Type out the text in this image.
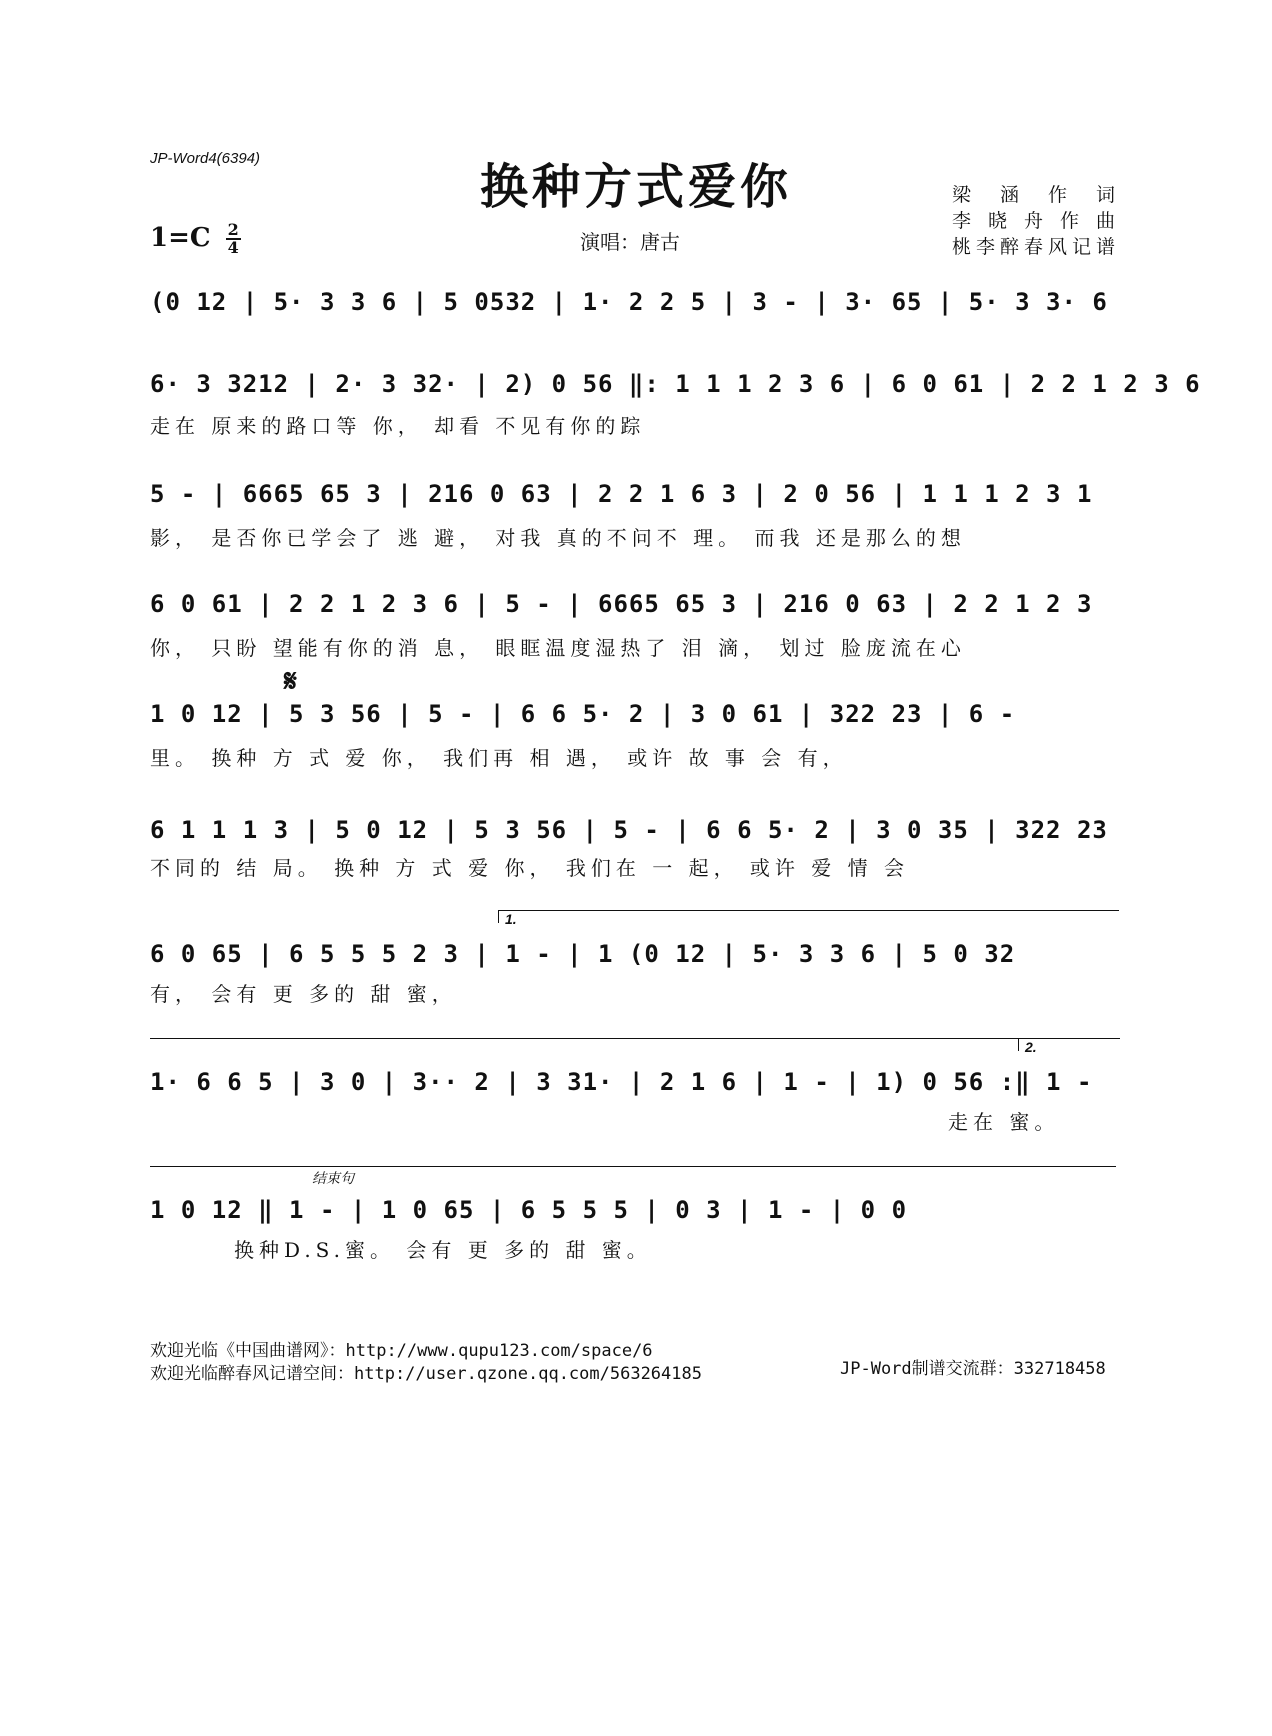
JP-Word4(6394)
换种方式爱你
$1=C \frac{2}{4}$	演唱：唐古
梁涵作词
李晓舟作曲
桃李醉春风记谱
(0 12 | 5· 3 3 6 | 5 0532 | 1· 2 2 5 | 3 - | 3· 65 | 5· 3 3· 6
6· 3 3212 | 2· 3 32· | 2) 0 56 ‖: 1 1 1 2 3 6 | 6 0 61 | 2 2 1 2 3 6
走在 原来的路口等 你， 却看 不见有你的踪
5 - | 6665 65 3 | 216 0 63 | 2 2 1 6 3 | 2 0 56 | 1 1 1 2 3 1
影， 是否你已学会了 逃 避， 对我 真的不问不 理。 而我 还是那么的想
6 0 61 | 2 2 1 2 3 6 | 5 - | 6665 65 3 | 216 0 63 | 2 2 1 2 3
你， 只盼 望能有你的消 息， 眼眶温度湿热了 泪 滴， 划过 脸庞流在心
𝄋
1 0 12 | 5 3 56 | 5 - | 6 6 5· 2 | 3 0 61 | 322 23 | 6 -
里。 换种 方 式 爱 你， 我们再 相 遇， 或许 故 事 会 有，
6 1 1 1 3 | 5 0 12 | 5 3 56 | 5 - | 6 6 5· 2 | 3 0 35 | 322 23
不同的 结 局。 换种 方 式 爱 你， 我们在 一 起， 或许 爱 情 会
1.
6 0 65 | 6 5 5 5 2 3 | 1 - | 1 (0 12 | 5· 3 3 6 | 5 0 32
有， 会有 更 多的 甜 蜜，
2.
1· 6 6 5 | 3 0 | 3·· 2 | 3 31· | 2 1 6 | 1 - | 1) 0 56 :‖ 1 -
走在 蜜。
结束句
1 0 12 ‖ 1 - | 1 0 65 | 6 5 5 5 | 0 3 | 1 - | 0 0
换种D.S.蜜。 会有 更 多的 甜 蜜。
欢迎光临《中国曲谱网》：http://www.qupu123.com/space/6
欢迎光临醉春风记谱空间：http://user.qzone.qq.com/563264185	JP-Word制谱交流群：332718458
